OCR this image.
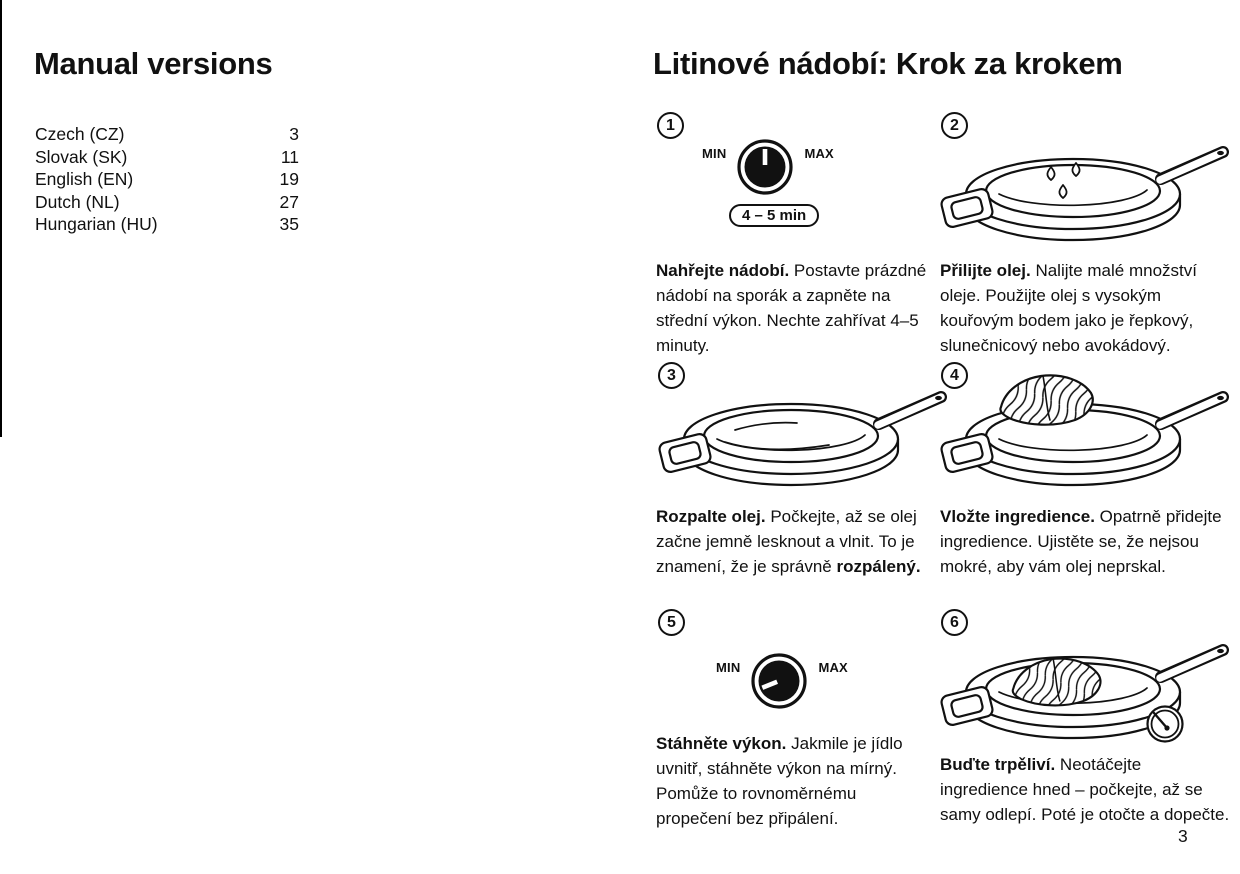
Manual versions
Czech (CZ)	3
Slovak (SK)	11
English (EN)	19
Dutch (NL)	27
Hungarian (HU)	35
Litinové nádobí: Krok za krokem
1
MIN	MAX
4 – 5 min
Nahřejte nádobí. Postavte prázdné nádobí na sporák a zapněte na střední výkon. Nechte zahřívat 4–5 minuty.
2
Přilijte olej. Nalijte malé množství oleje. Použijte olej s vysokým kouřovým bodem jako je řepkový, slunečnicový nebo avokádový.
3
Rozpalte olej. Počkejte, až se olej začne jemně lesknout a vlnit. To je znamení, že je správně rozpálený.
4
Vložte ingredience. Opatrně přidejte ingredience. Ujistěte se, že nejsou mokré, aby vám olej neprskal.
5
MIN	MAX
Stáhněte výkon. Jakmile je jídlo uvnitř, stáhněte výkon na mírný. Pomůže to rovnoměrnému propečení bez připálení.
6
Buďte trpěliví. Neotáčejte ingredience hned – počkejte, až se samy odlepí. Poté je otočte a dopečte.
3
